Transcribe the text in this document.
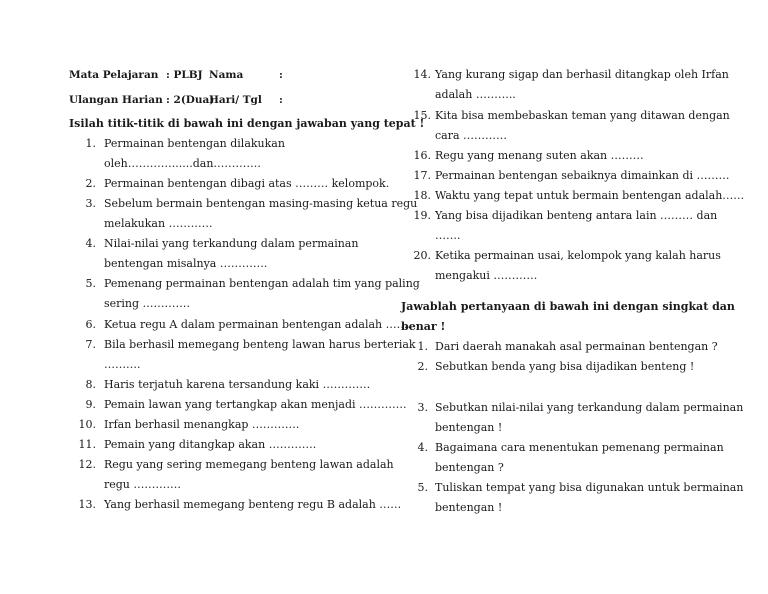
Mata Pelajaran : PLBJ Nama	:
Ulangan Harian : 2(Dua)
Hari/ Tgl :
Isilah titik-titik di bawah ini dengan jawaban yang tepat !
1. Permainan bentengan dilakukan
oleh…………......dan………….
2. Permainan bentengan dibagi atas ……… kelompok.
3. Sebelum bermain bentengan masing-masing ketua regu
melakukan …………
4. Nilai-nilai yang terkandung dalam permainan
bentengan misalnya ………….
5. Pemenang permainan bentengan adalah tim yang paling
sering ………….
6. Ketua regu A dalam permainan bentengan adalah …….
7. Bila berhasil memegang benteng lawan harus berteriak
……….
8. Haris terjatuh karena tersandung kaki ………….
9. Pemain lawan yang tertangkap akan menjadi ………….
10. Irfan berhasil menangkap ………….
11. Pemain yang ditangkap akan ………….
12. Regu yang sering memegang benteng lawan adalah
regu ………….
13. Yang berhasil memegang benteng regu B adalah ……
14. Yang kurang sigap dan berhasil ditangkap oleh Irfan
adalah ………..
15. Kita bisa membebaskan teman yang ditawan dengan
cara …………
16. Regu yang menang suten akan ………
17. Permainan bentengan sebaiknya dimainkan di ………
18. Waktu yang tepat untuk bermain bentengan adalah……
19. Yang bisa dijadikan benteng antara lain ……… dan
…….
20. Ketika permainan usai, kelompok yang kalah harus
mengakui …………
Jawablah pertanyaan di bawah ini dengan singkat dan
benar !
1. Dari daerah manakah asal permainan bentengan ?
2. Sebutkan benda yang bisa dijadikan benteng !
3. Sebutkan nilai-nilai yang terkandung dalam permainan
bentengan !
4. Bagaimana cara menentukan pemenang permainan
bentengan ?
5. Tuliskan tempat yang bisa digunakan untuk bermainan
bentengan !
